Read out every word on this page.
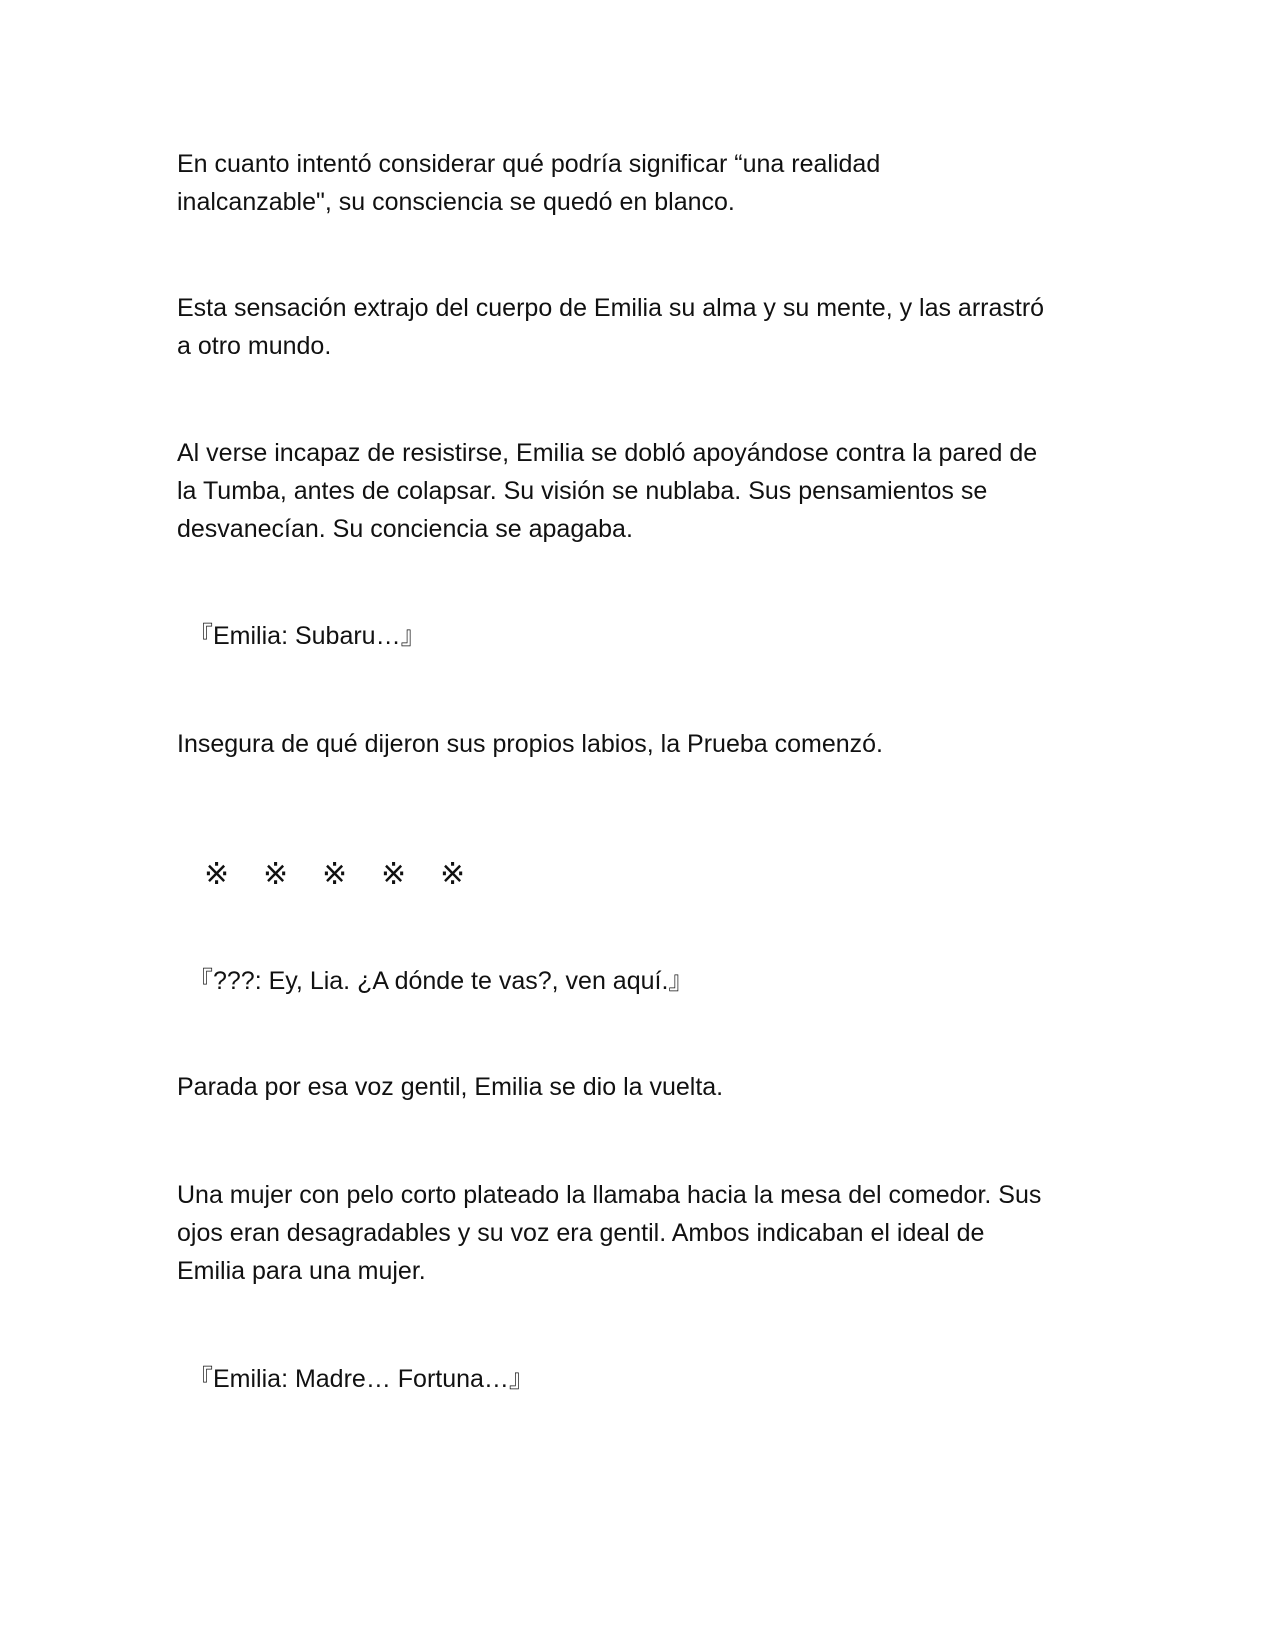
En cuanto intentó considerar qué podría significar “una realidad
inalcanzable", su consciencia se quedó en blanco.
Esta sensación extrajo del cuerpo de Emilia su alma y su mente, y las arrastró
a otro mundo.
Al verse incapaz de resistirse, Emilia se dobló apoyándose contra la pared de
la Tumba, antes de colapsar. Su visión se nublaba. Sus pensamientos se
desvanecían. Su conciencia se apagaba.
『Emilia: Subaru…』
Insegura de qué dijeron sus propios labios, la Prueba comenzó.
※ ※ ※ ※ ※
『???: Ey, Lia. ¿A dónde te vas?, ven aquí.』
Parada por esa voz gentil, Emilia se dio la vuelta.
Una mujer con pelo corto plateado la llamaba hacia la mesa del comedor. Sus
ojos eran desagradables y su voz era gentil. Ambos indicaban el ideal de
Emilia para una mujer.
『Emilia: Madre… Fortuna…』
